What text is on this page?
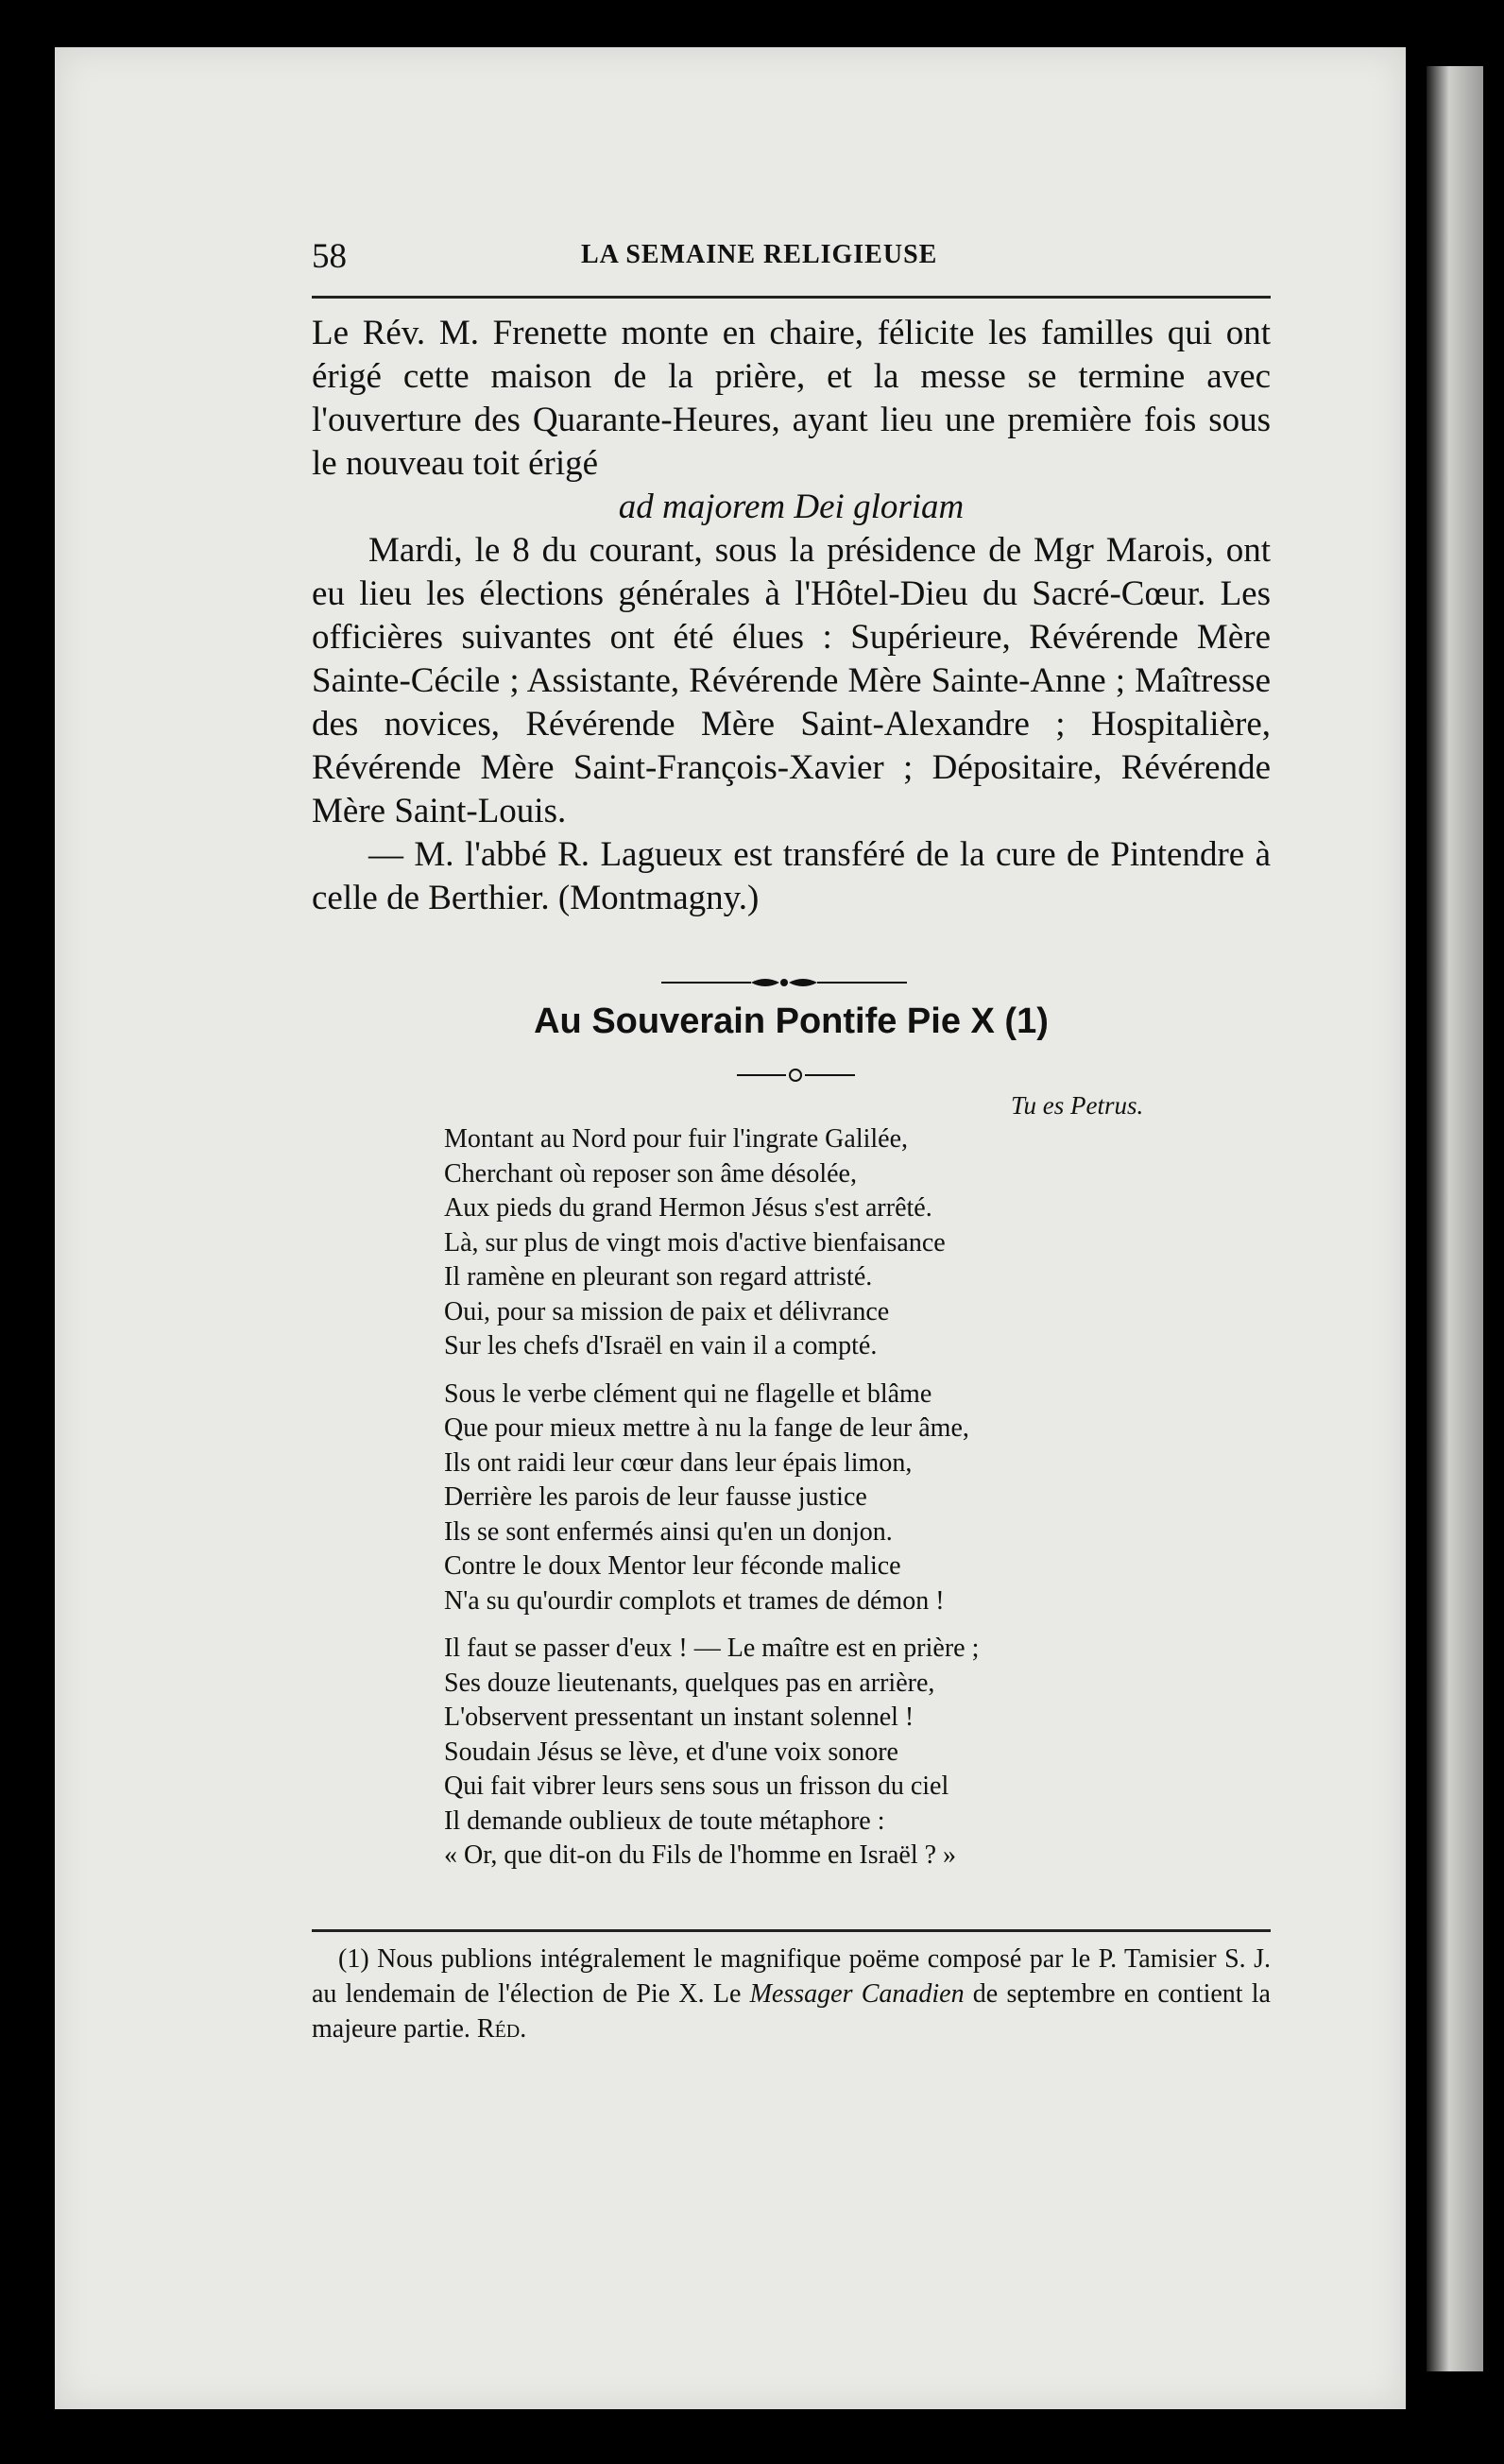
58	LA SEMAINE RELIGIEUSE

Le Rév. M. Frenette monte en chaire, félicite les familles qui ont érigé cette maison de la prière, et la messe se termine avec l'ouverture des Quarante-Heures, ayant lieu une première fois sous le nouveau toit érigé

ad majorem Dei gloriam

Mardi, le 8 du courant, sous la présidence de Mgr Marois, ont eu lieu les élections générales à l'Hôtel-Dieu du Sacré-Cœur. Les officières suivantes ont été élues : Supérieure, Révérende Mère Sainte-Cécile ; Assistante, Révérende Mère Sainte-Anne ; Maîtresse des novices, Révérende Mère Saint-Alexandre ; Hospitalière, Révérende Mère Saint-François-Xavier ; Dépositaire, Révérende Mère Saint-Louis.

— M. l'abbé R. Lagueux est transféré de la cure de Pintendre à celle de Berthier. (Montmagny.)

Au Souverain Pontife Pie X (1)
Tu es Petrus.
Montant au Nord pour fuir l'ingrate Galilée,
Cherchant où reposer son âme désolée,
Aux pieds du grand Hermon Jésus s'est arrêté.
Là, sur plus de vingt mois d'active bienfaisance
Il ramène en pleurant son regard attristé.
Oui, pour sa mission de paix et délivrance
Sur les chefs d'Israël en vain il a compté.
Sous le verbe clément qui ne flagelle et blâme
Que pour mieux mettre à nu la fange de leur âme,
Ils ont raidi leur cœur dans leur épais limon,
Derrière les parois de leur fausse justice
Ils se sont enfermés ainsi qu'en un donjon.
Contre le doux Mentor leur féconde malice
N'a su qu'ourdir complots et trames de démon !
Il faut se passer d'eux ! — Le maître est en prière ;
Ses douze lieutenants, quelques pas en arrière,
L'observent pressentant un instant solennel !
Soudain Jésus se lève, et d'une voix sonore
Qui fait vibrer leurs sens sous un frisson du ciel
Il demande oublieux de toute métaphore :
« Or, que dit-on du Fils de l'homme en Israël ? »

(1) Nous publions intégralement le magnifique poëme composé par le P. Tamisier S. J. au lendemain de l'élection de Pie X. Le Messager Canadien de septembre en contient la majeure partie. Réd.
